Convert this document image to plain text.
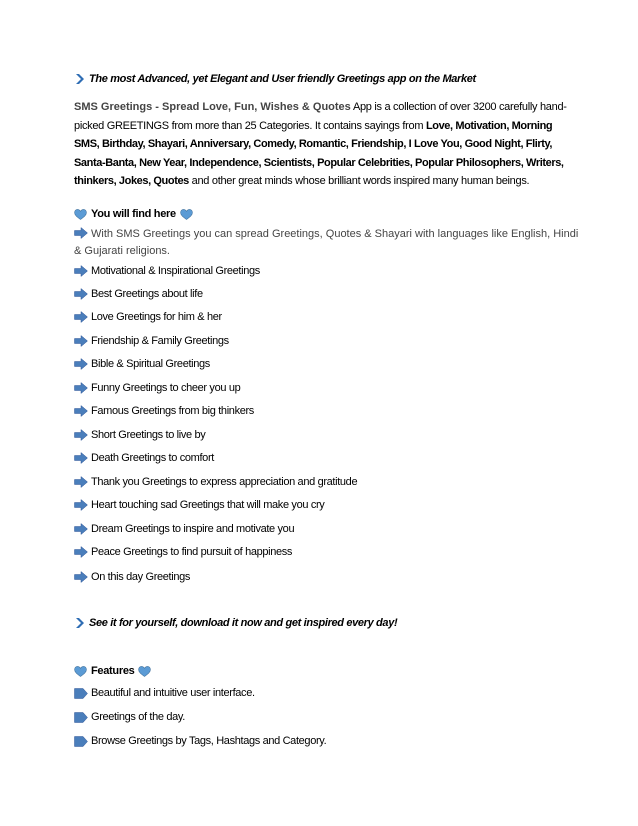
The most Advanced, yet Elegant and User friendly Greetings app on the Market
SMS Greetings - Spread Love, Fun, Wishes & Quotes App is a collection of over 3200 carefully hand-picked GREETINGS from more than 25 Categories. It contains sayings from Love, Motivation, Morning SMS, Birthday, Shayari, Anniversary, Comedy, Romantic, Friendship, I Love You, Good Night, Flirty, Santa-Banta, New Year, Independence, Scientists, Popular Celebrities, Popular Philosophers, Writers, thinkers, Jokes, Quotes and other great minds whose brilliant words inspired many human beings.
You will find here
With SMS Greetings you can spread Greetings, Quotes & Shayari with languages like English, Hindi & Gujarati religions.
Motivational & Inspirational Greetings
Best Greetings about life
Love Greetings for him & her
Friendship & Family Greetings
Bible & Spiritual Greetings
Funny Greetings to cheer you up
Famous Greetings from big thinkers
Short Greetings to live by
Death Greetings to comfort
Thank you Greetings to express appreciation and gratitude
Heart touching sad Greetings that will make you cry
Dream Greetings to inspire and motivate you
Peace Greetings to find pursuit of happiness
On this day Greetings
See it for yourself, download it now and get inspired every day!
Features
Beautiful and intuitive user interface.
Greetings of the day.
Browse Greetings by Tags, Hashtags and Category.
